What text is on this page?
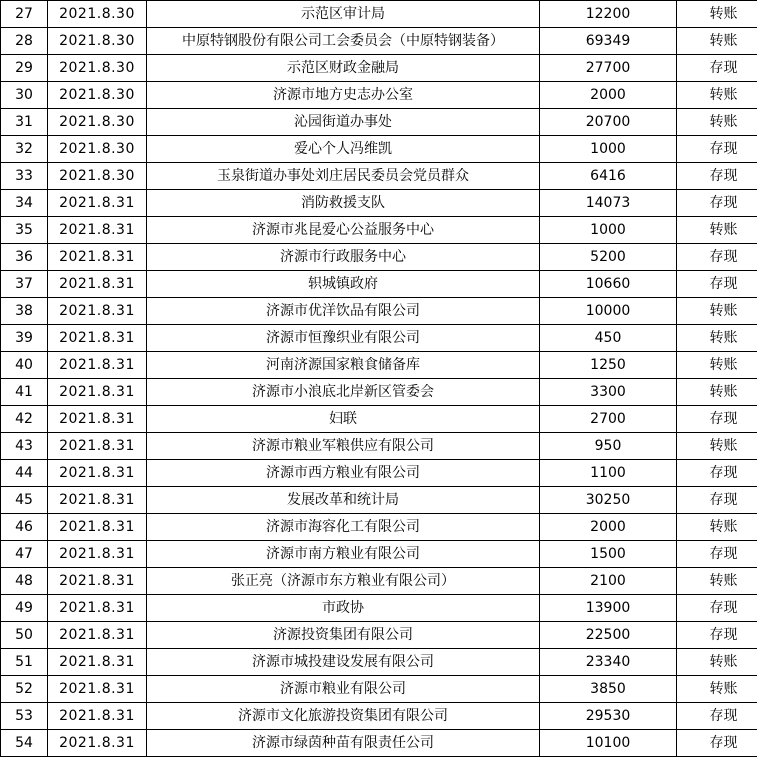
27	2021.8.30	示范区审计局	12200	转账
28	2021.8.30	中原特钢股份有限公司工会委员会（中原特钢装备）	69349	转账
29	2021.8.30	示范区财政金融局	27700	存现
30	2021.8.30	济源市地方史志办公室	2000	转账
31	2021.8.30	沁园街道办事处	20700	转账
32	2021.8.30	爱心个人冯维凯	1000	存现
33	2021.8.30	玉泉街道办事处刘庄居民委员会党员群众	6416	存现
34	2021.8.31	消防救援支队	14073	存现
35	2021.8.31	济源市兆昆爱心公益服务中心	1000	转账
36	2021.8.31	济源市行政服务中心	5200	存现
37	2021.8.31	轵城镇政府	10660	存现
38	2021.8.31	济源市优洋饮品有限公司	10000	转账
39	2021.8.31	济源市恒豫织业有限公司	450	转账
40	2021.8.31	河南济源国家粮食储备库	1250	转账
41	2021.8.31	济源市小浪底北岸新区管委会	3300	转账
42	2021.8.31	妇联	2700	存现
43	2021.8.31	济源市粮业军粮供应有限公司	950	转账
44	2021.8.31	济源市西方粮业有限公司	1100	存现
45	2021.8.31	发展改革和统计局	30250	存现
46	2021.8.31	济源市海容化工有限公司	2000	转账
47	2021.8.31	济源市南方粮业有限公司	1500	存现
48	2021.8.31	张正亮（济源市东方粮业有限公司）	2100	转账
49	2021.8.31	市政协	13900	存现
50	2021.8.31	济源投资集团有限公司	22500	存现
51	2021.8.31	济源市城投建设发展有限公司	23340	转账
52	2021.8.31	济源市粮业有限公司	3850	转账
53	2021.8.31	济源市文化旅游投资集团有限公司	29530	存现
54	2021.8.31	济源市绿茵种苗有限责任公司	10100	存现
